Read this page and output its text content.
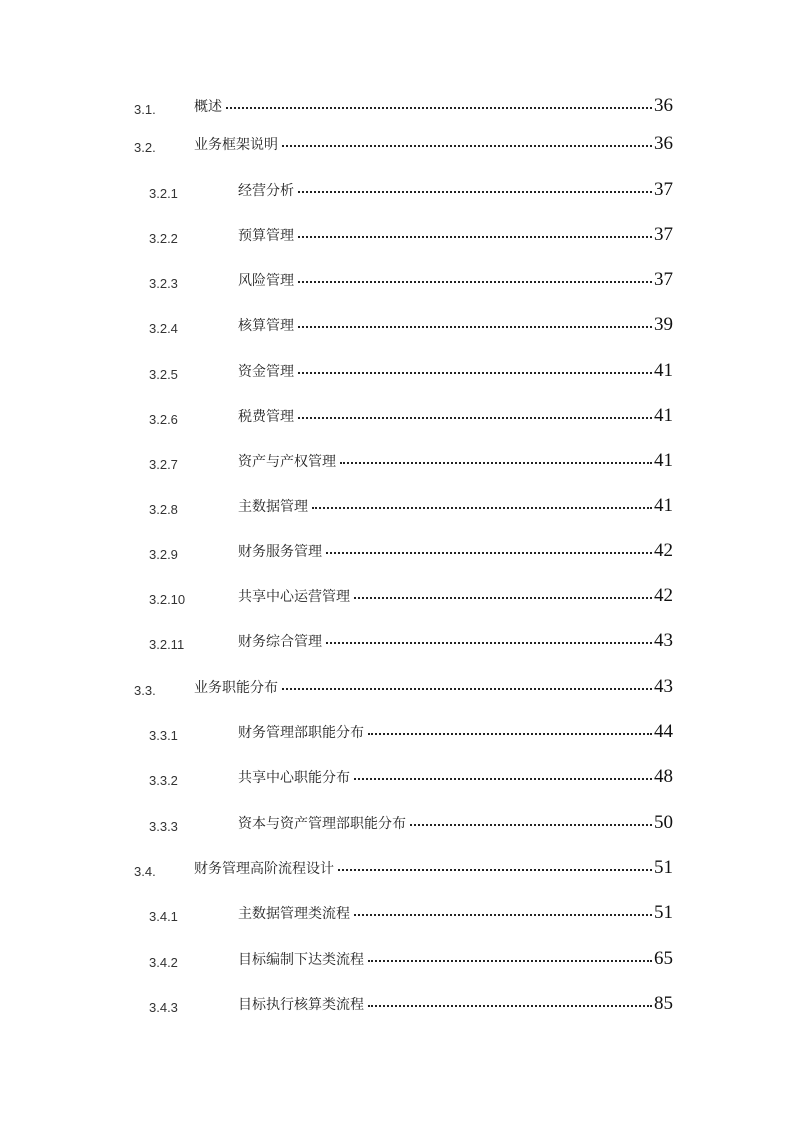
3.1.	概述	36
3.2.	业务框架说明	36
3.2.1	经营分析	37
3.2.2	预算管理	37
3.2.3	风险管理	37
3.2.4	核算管理	39
3.2.5	资金管理	41
3.2.6	税费管理	41
3.2.7	资产与产权管理	41
3.2.8	主数据管理	41
3.2.9	财务服务管理	42
3.2.10	共享中心运营管理	42
3.2.11	财务综合管理	43
3.3.	业务职能分布	43
3.3.1	财务管理部职能分布	44
3.3.2	共享中心职能分布	48
3.3.3	资本与资产管理部职能分布	50
3.4.	财务管理高阶流程设计	51
3.4.1	主数据管理类流程	51
3.4.2	目标编制下达类流程	65
3.4.3	目标执行核算类流程	85
